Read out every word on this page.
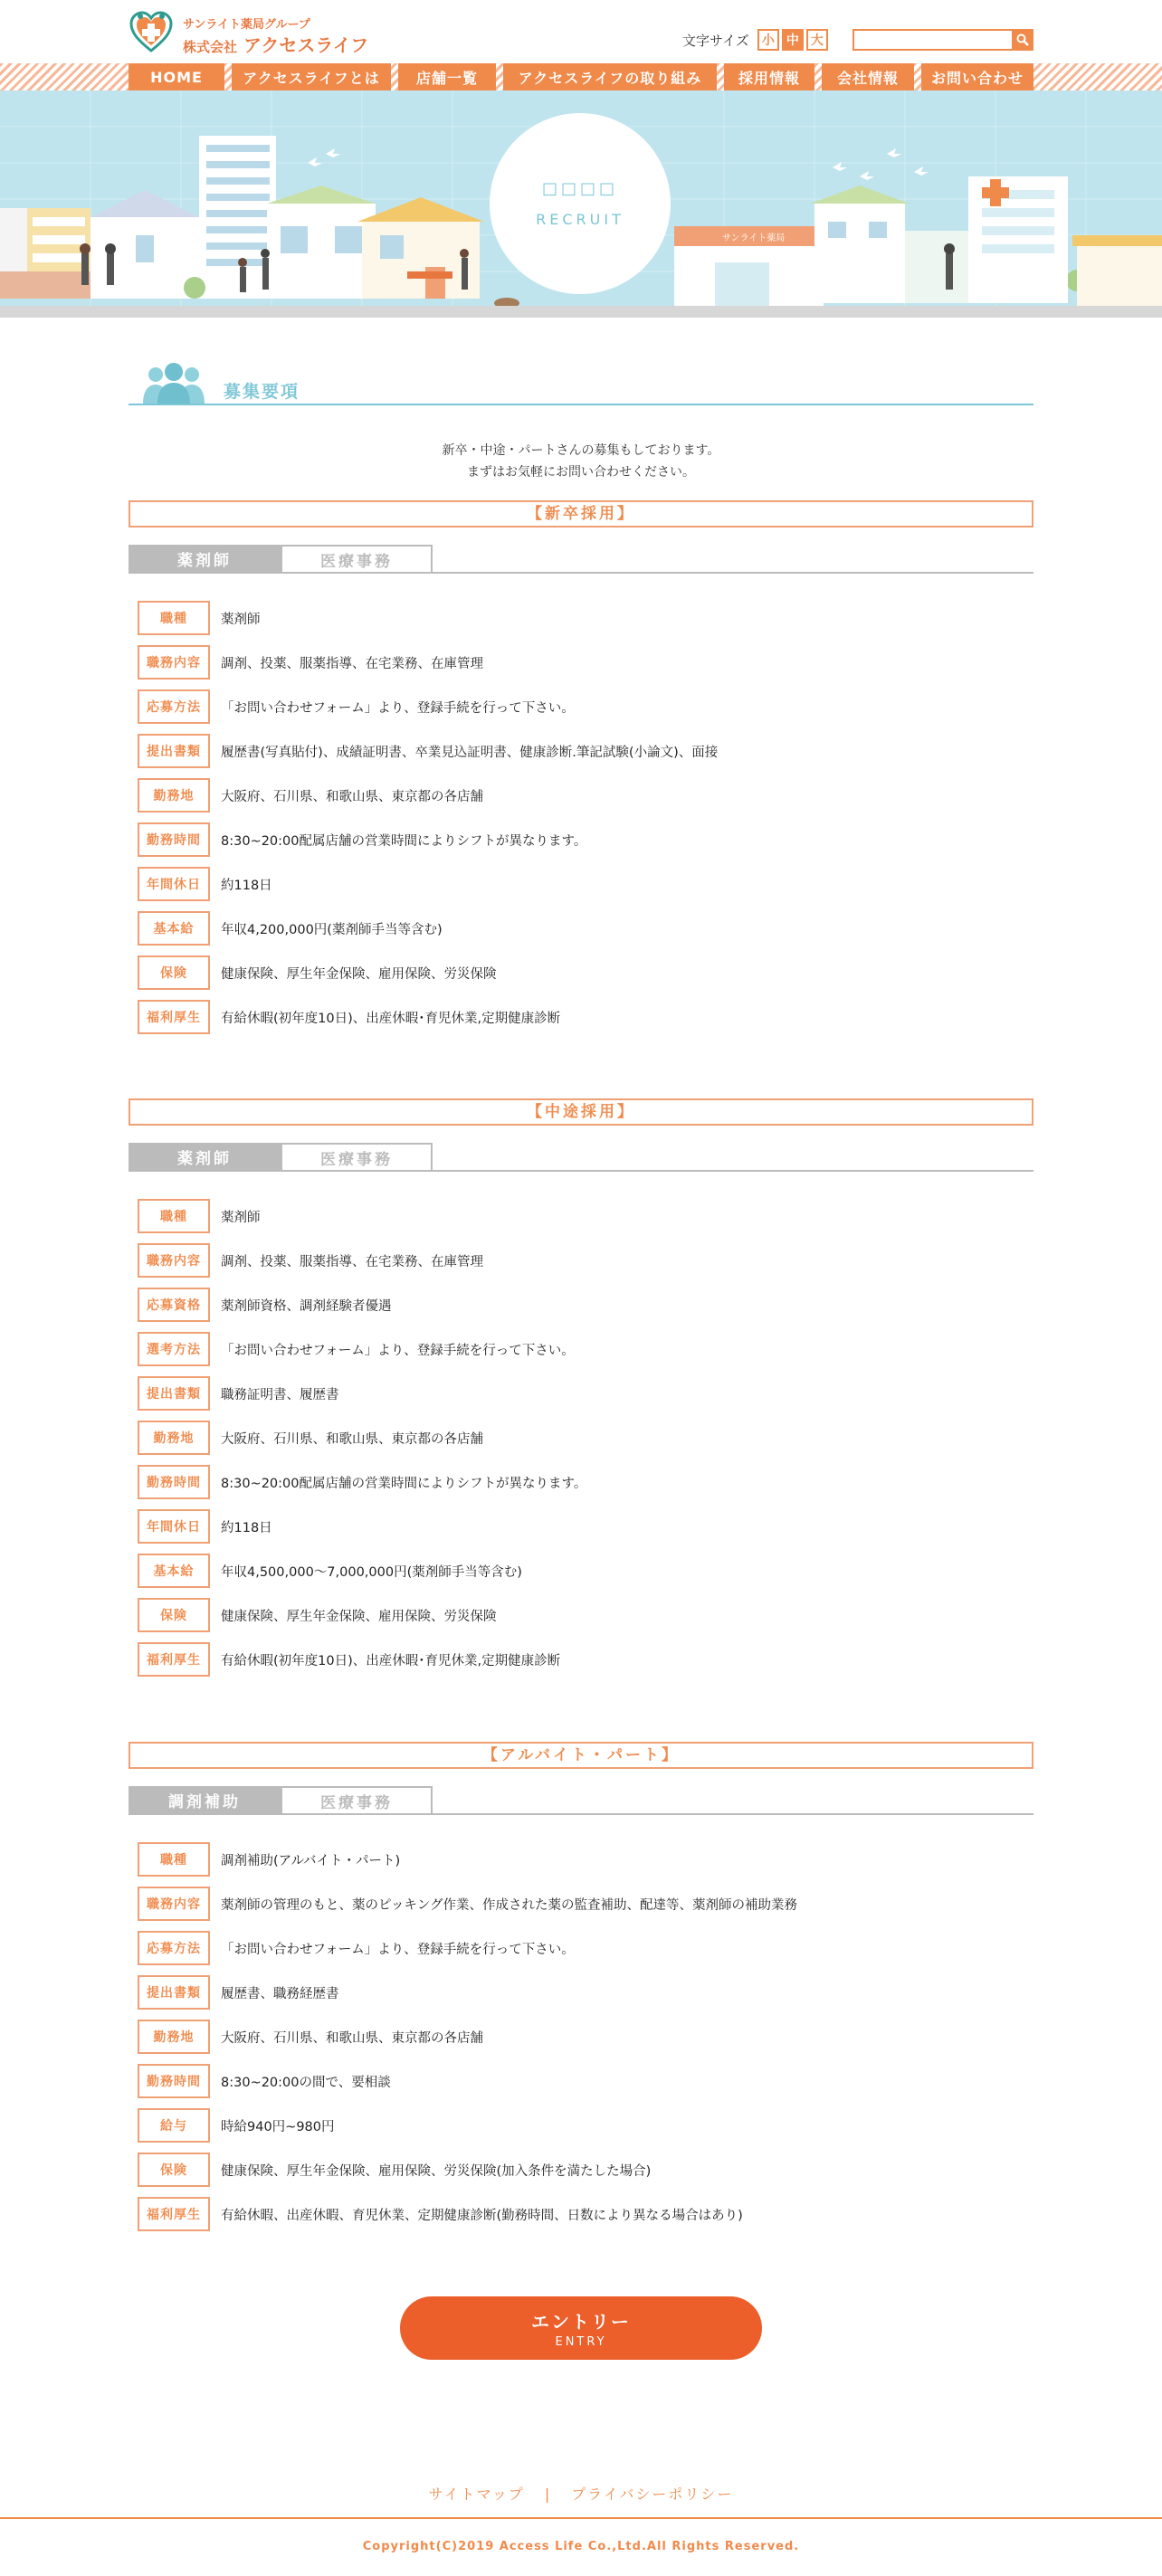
サンライト薬局グループ
株式会社 アクセスライフ	文字サイズ	小 中 大
HOME	アクセスライフとは	店舗一覧	アクセスライフの取り組み	採用情報	会社情報	お問い合わせ
サンライト薬局
□□□□
RECRUIT
募集要項
新卒・中途・パートさんの募集もしております。
まずはお気軽にお問い合わせください。
【新卒採用】
薬剤師	医療事務
職種	薬剤師
職務内容	調剤、投薬、服薬指導、在宅業務、在庫管理
応募方法	「お問い合わせフォーム」より、登録手続を行って下さい。
提出書類	履歴書(写真貼付)、成績証明書、卒業見込証明書、健康診断.筆記試験(小論文)、面接
勤務地	大阪府、石川県、和歌山県、東京都の各店舗
勤務時間	8:30~20:00配属店舗の営業時間によりシフトが異なります。
年間休日	約118日
基本給	年収4,200,000円(薬剤師手当等含む)
保険	健康保険、厚生年金保険、雇用保険、労災保険
福利厚生	有給休暇(初年度10日)、出産休暇･育児休業,定期健康診断
【中途採用】
薬剤師	医療事務
職種	薬剤師
職務内容	調剤、投薬、服薬指導、在宅業務、在庫管理
応募資格	薬剤師資格、調剤経験者優遇
選考方法	「お問い合わせフォーム」より、登録手続を行って下さい。
提出書類	職務証明書、履歴書
勤務地	大阪府、石川県、和歌山県、東京都の各店舗
勤務時間	8:30~20:00配属店舗の営業時間によりシフトが異なります。
年間休日	約118日
基本給	年収4,500,000～7,000,000円(薬剤師手当等含む)
保険	健康保険、厚生年金保険、雇用保険、労災保険
福利厚生	有給休暇(初年度10日)、出産休暇･育児休業,定期健康診断
【アルバイト・パート】
調剤補助	医療事務
職種	調剤補助(アルバイト・パート)
職務内容	薬剤師の管理のもと、薬のピッキング作業、作成された薬の監査補助、配達等、薬剤師の補助業務
応募方法	「お問い合わせフォーム」より、登録手続を行って下さい。
提出書類	履歴書、職務経歴書
勤務地	大阪府、石川県、和歌山県、東京都の各店舗
勤務時間	8:30~20:00の間で、要相談
給与	時給940円~980円
保険	健康保険、厚生年金保険、雇用保険、労災保険(加入条件を満たした場合)
福利厚生	有給休暇、出産休暇、育児休業、定期健康診断(勤務時間、日数により異なる場合はあり)
エントリー
ENTRY
サイトマップ | プライバシーポリシー
Copyright(C)2019 Access Life Co.,Ltd.All Rights Reserved.
